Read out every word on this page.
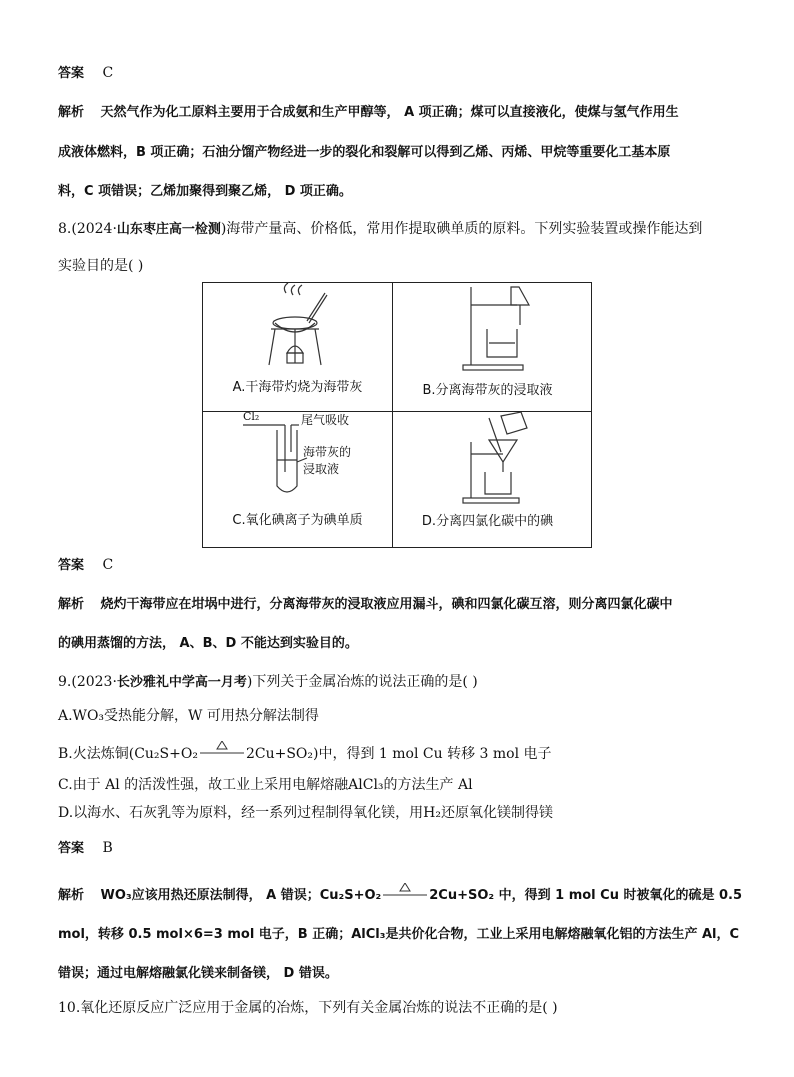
答案 C
解析 天然气作为化工原料主要用于合成氨和生产甲醇等， A 项正确；煤可以直接液化，使煤与氢气作用生
成液体燃料，B 项正确；石油分馏产物经进一步的裂化和裂解可以得到乙烯、丙烯、甲烷等重要化工基本原
料，C 项错误；乙烯加聚得到聚乙烯， D 项正确。
8.(2024·山东枣庄高一检测)海带产量高、价格低，常用作提取碘单质的原料。下列实验装置或操作能达到
实验目的是( )
A.干海带灼烧为海带灰	B.分离海带灰的浸取液
Cl₂	尾气吸收
海带灰的
浸取液
C.氧化碘离子为碘单质	D.分离四氯化碳中的碘
答案 C
解析 烧灼干海带应在坩埚中进行，分离海带灰的浸取液应用漏斗，碘和四氯化碳互溶，则分离四氯化碳中
的碘用蒸馏的方法， A、B、D 不能达到实验目的。
9.(2023·长沙雅礼中学高一月考)下列关于金属冶炼的说法正确的是( )
A.WO₃受热能分解，W 可用热分解法制得
B.火法炼铜(Cu₂S+O₂	2Cu+SO₂)中，得到 1 mol Cu 转移 3 mol 电子
C.由于 Al 的活泼性强，故工业上采用电解熔融AlCl₃的方法生产 Al
D.以海水、石灰乳等为原料，经一系列过程制得氧化镁，用H₂还原氧化镁制得镁
答案 B
解析 WO₃应该用热还原法制得， A 错误；Cu₂S+O₂	2Cu+SO₂ 中，得到 1 mol Cu 时被氧化的硫是 0.5
mol，转移 0.5 mol×6=3 mol 电子，B 正确；AlCl₃是共价化合物，工业上采用电解熔融氧化铝的方法生产 Al，C
错误；通过电解熔融氯化镁来制备镁， D 错误。
10.氧化还原反应广泛应用于金属的冶炼，下列有关金属冶炼的说法不正确的是( )
